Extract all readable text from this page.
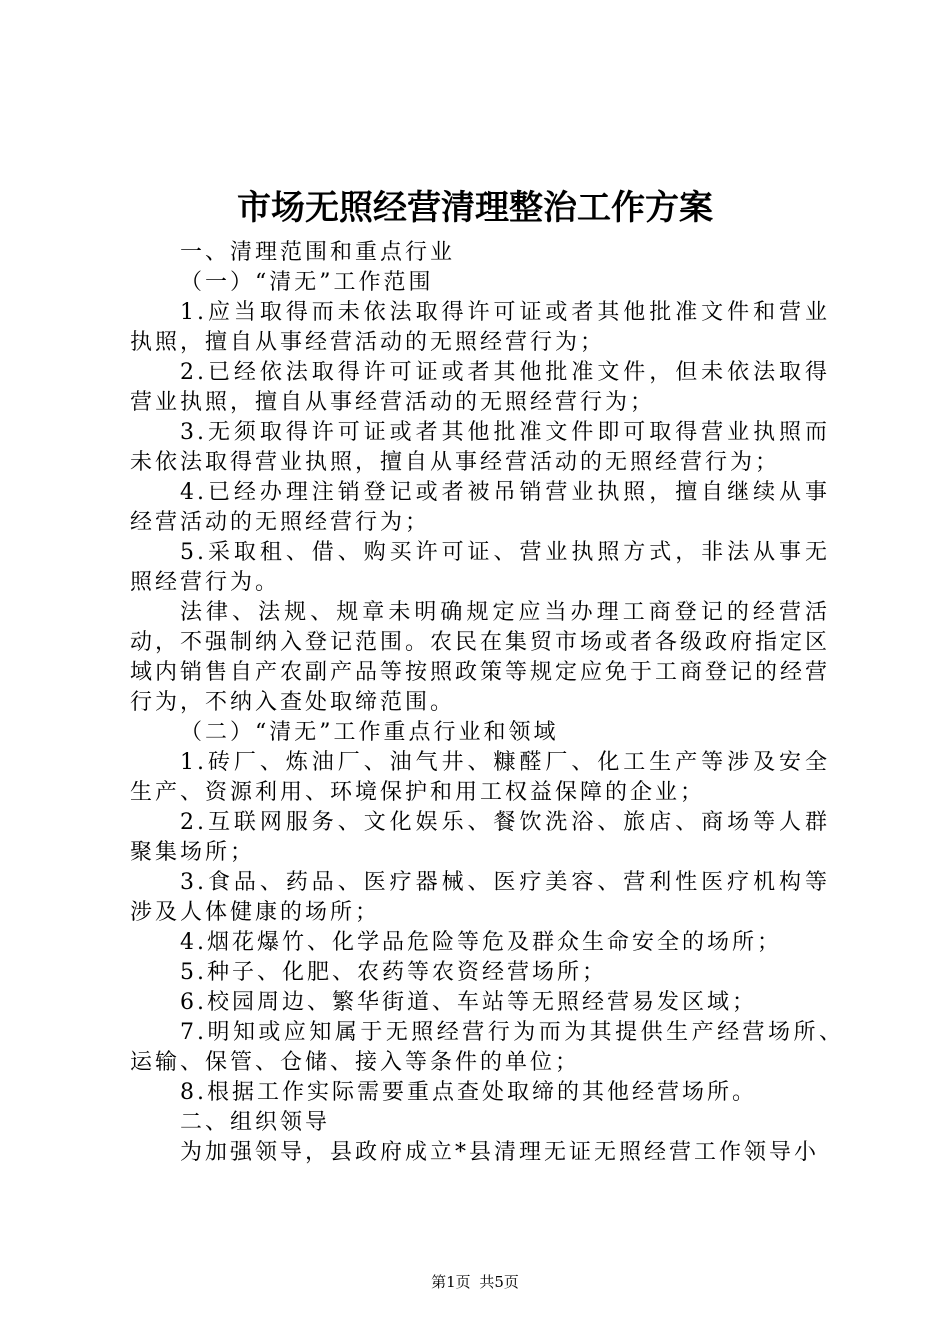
市场无照经营清理整治工作方案

一、清理范围和重点行业

（一）“清无”工作范围

1.应当取得而未依法取得许可证或者其他批准文件和营业执照，擅自从事经营活动的无照经营行为；

2.已经依法取得许可证或者其他批准文件，但未依法取得营业执照，擅自从事经营活动的无照经营行为；

3.无须取得许可证或者其他批准文件即可取得营业执照而未依法取得营业执照，擅自从事经营活动的无照经营行为；

4.已经办理注销登记或者被吊销营业执照，擅自继续从事经营活动的无照经营行为；

5.采取租、借、购买许可证、营业执照方式，非法从事无照经营行为。

法律、法规、规章未明确规定应当办理工商登记的经营活动，不强制纳入登记范围。农民在集贸市场或者各级政府指定区域内销售自产农副产品等按照政策等规定应免于工商登记的经营行为，不纳入查处取缔范围。

（二）“清无”工作重点行业和领域

1.砖厂、炼油厂、油气井、糠醛厂、化工生产等涉及安全生产、资源利用、环境保护和用工权益保障的企业；

2.互联网服务、文化娱乐、餐饮洗浴、旅店、商场等人群聚集场所；

3.食品、药品、医疗器械、医疗美容、营利性医疗机构等涉及人体健康的场所；

4.烟花爆竹、化学品危险等危及群众生命安全的场所；

5.种子、化肥、农药等农资经营场所；

6.校园周边、繁华街道、车站等无照经营易发区域；

7.明知或应知属于无照经营行为而为其提供生产经营场所、运输、保管、仓储、接入等条件的单位；

8.根据工作实际需要重点查处取缔的其他经营场所。

二、组织领导

为加强领导，县政府成立*县清理无证无照经营工作领导小

第1页 共5页
